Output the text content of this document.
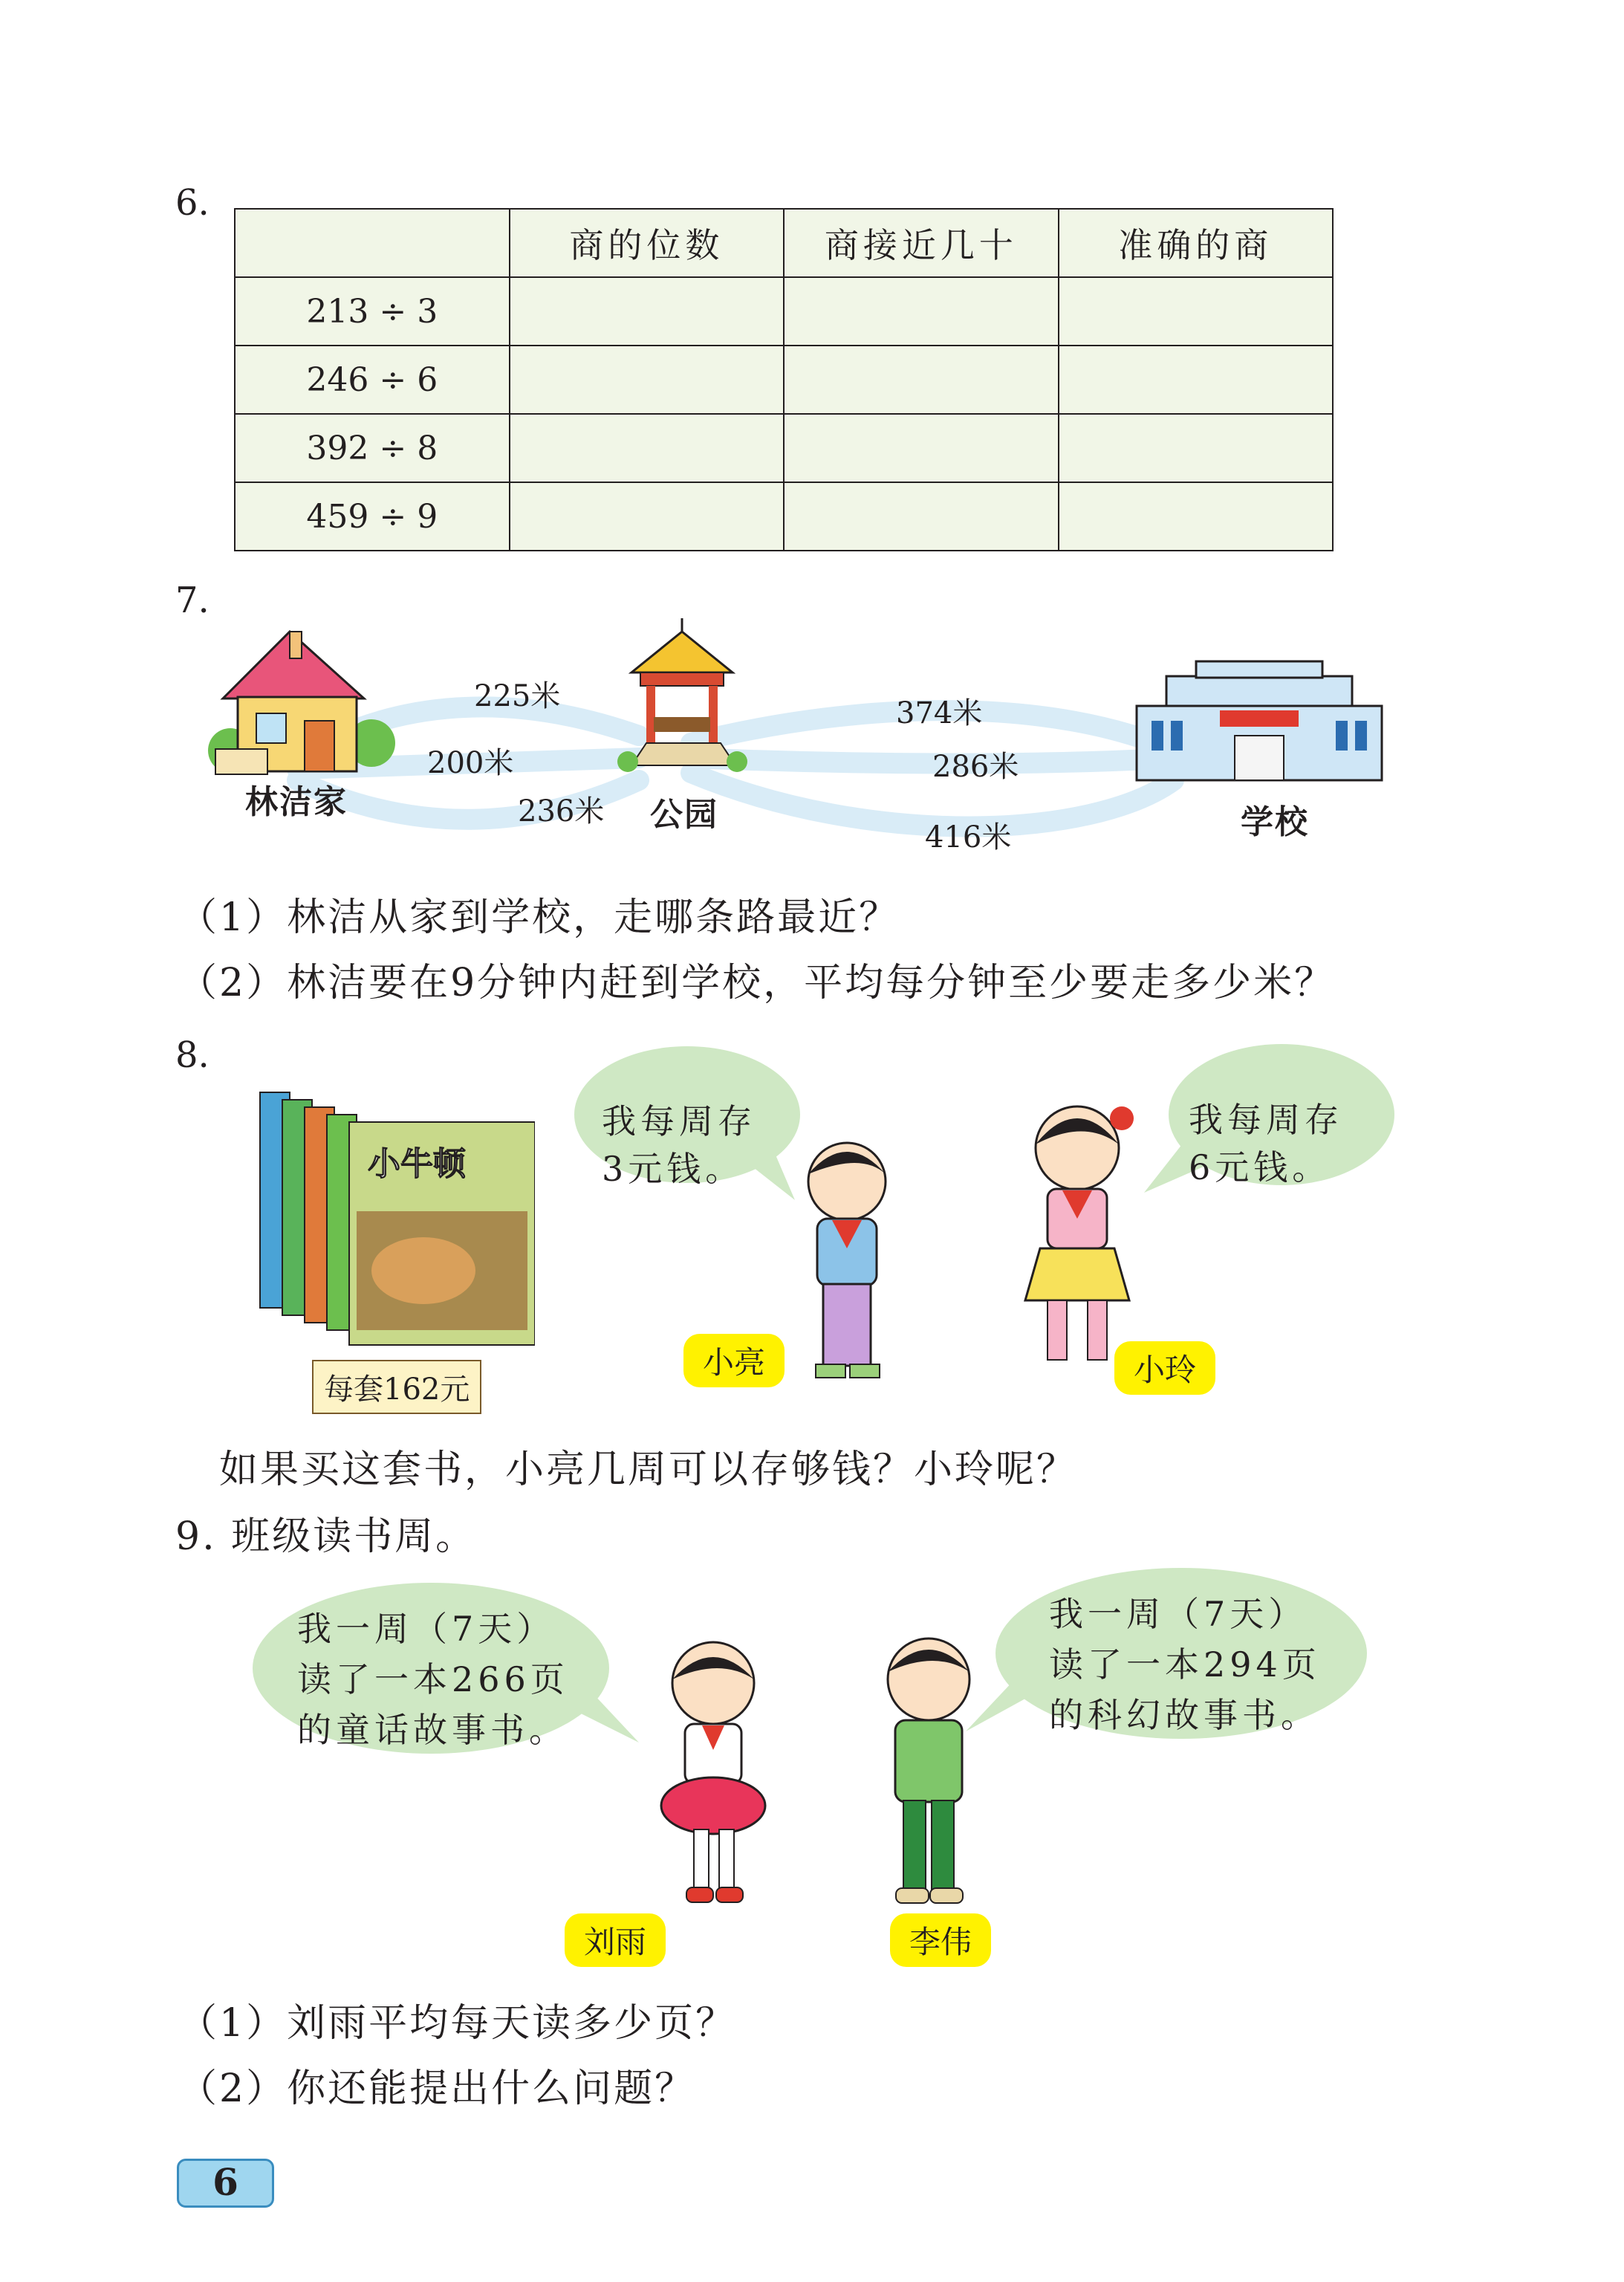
6.
	商的位数	商接近几十	准确的商
213 ÷ 3			
246 ÷ 6			
392 ÷ 8			
459 ÷ 9			
7.
225米
200米
236米
374米
286米
416米
林洁家	公园	学校
（1）林洁从家到学校，走哪条路最近？
（2）林洁要在9分钟内赶到学校，平均每分钟至少要走多少米？
8.
小牛顿
每套162元
我每周存
3元钱。
我每周存
6元钱。
小亮	小玲
如果买这套书，小亮几周可以存够钱？小玲呢？
9. 班级读书周。
我一周（7天）
读了一本266页
的童话故事书。
我一周（7天）
读了一本294页
的科幻故事书。
刘雨	李伟
（1）刘雨平均每天读多少页？
（2）你还能提出什么问题？
6
